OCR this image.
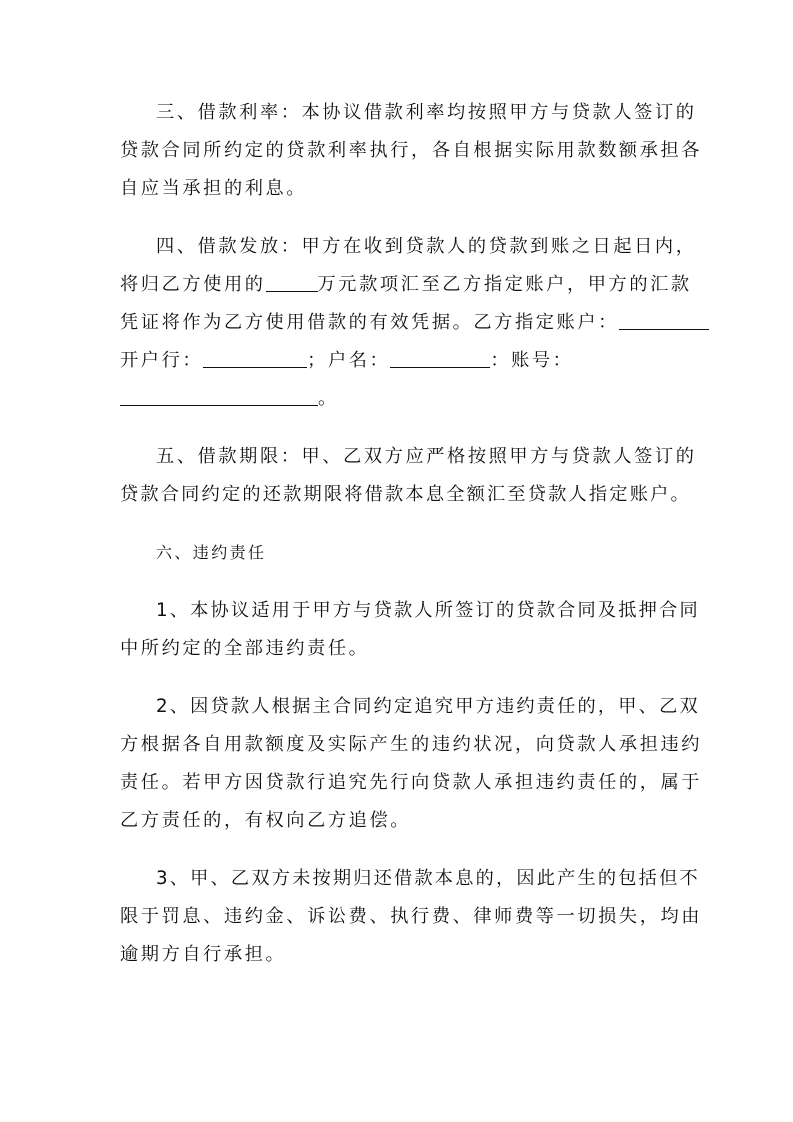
三、借款利率：本协议借款利率均按照甲方与贷款人签订的
贷款合同所约定的贷款利率执行，各自根据实际用款数额承担各
自应当承担的利息。

四、借款发放：甲方在收到贷款人的贷款到账之日起日内，
将归乙方使用的	万元款项汇至乙方指定账户，甲方的汇款
凭证将作为乙方使用借款的有效凭据。乙方指定账户：
开户行：	；户名：	：账号：
。

五、借款期限：甲、乙双方应严格按照甲方与贷款人签订的
贷款合同约定的还款期限将借款本息全额汇至贷款人指定账户。

六、违约责任

1、本协议适用于甲方与贷款人所签订的贷款合同及抵押合同
中所约定的全部违约责任。

2、因贷款人根据主合同约定追究甲方违约责任的，甲、乙双
方根据各自用款额度及实际产生的违约状况，向贷款人承担违约
责任。若甲方因贷款行追究先行向贷款人承担违约责任的，属于
乙方责任的，有权向乙方追偿。

3、甲、乙双方未按期归还借款本息的，因此产生的包括但不
限于罚息、违约金、诉讼费、执行费、律师费等一切损失，均由
逾期方自行承担。
